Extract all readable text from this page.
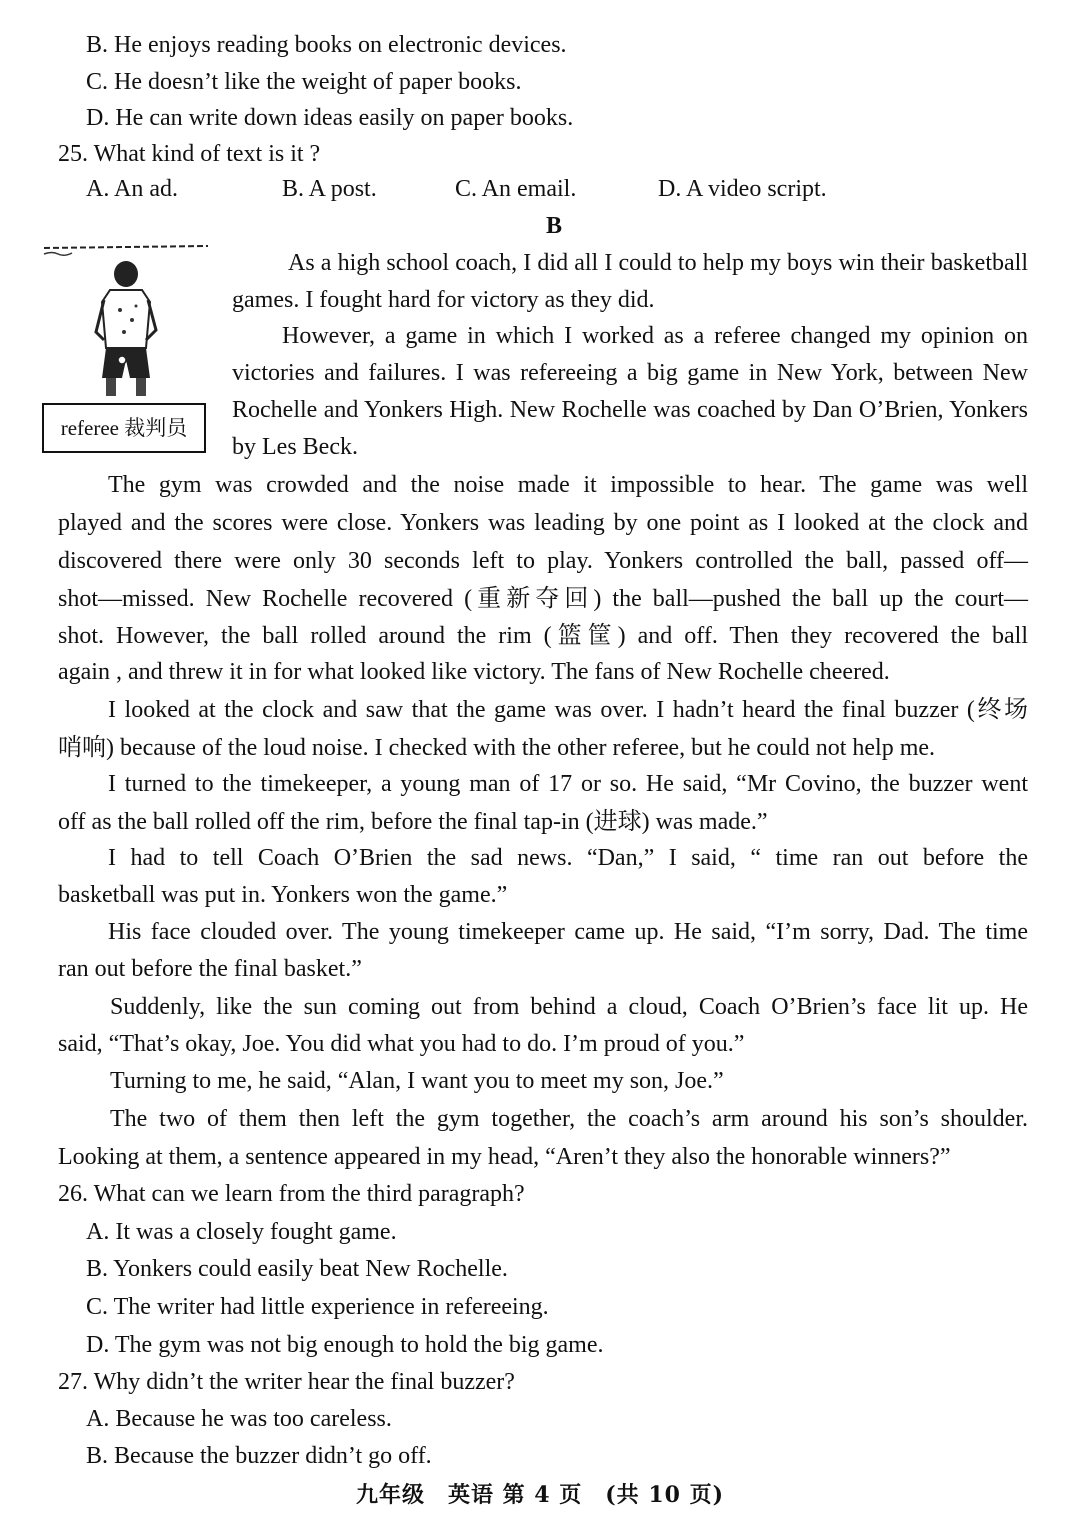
B. He enjoys reading books on electronic devices.
C. He doesn’t like the weight of paper books.
D. He can write down ideas easily on paper books.
25. What kind of text is it ?
A. An ad.	B. A post.	C. An email.	D. A video script.
B
referee 裁判员
As a high school coach, I did all I could to help my boys win their basketball games. I fought hard for victory as they did.
However, a game in which I worked as a referee changed my opinion on victories and failures. I was refereeing a big game in New York, between New Rochelle and Yonkers High. New Rochelle was coached by Dan O’Brien, Yonkers by Les Beck.
The gym was crowded and the noise made it impossible to hear. The game was well
played and the scores were close. Yonkers was leading by one point as I looked at the clock and
discovered there were only 30 seconds left to play. Yonkers controlled the ball, passed off—
shot—missed. New Rochelle recovered (重新夺回) the ball—pushed the ball up the court—
shot. However, the ball rolled around the rim (篮筐) and off. Then they recovered the ball
again , and threw it in for what looked like victory. The fans of New Rochelle cheered.
I looked at the clock and saw that the game was over. I hadn’t heard the final buzzer (终场
哨响) because of the loud noise. I checked with the other referee, but he could not help me.
I turned to the timekeeper, a young man of 17 or so. He said, “Mr Covino, the buzzer went
off as the ball rolled off the rim, before the final tap-in (进球) was made.”
I had to tell Coach O’Brien the sad news. “Dan,” I said, “ time ran out before the
basketball was put in. Yonkers won the game.”
His face clouded over. The young timekeeper came up. He said, “I’m sorry, Dad. The time
ran out before the final basket.”
Suddenly, like the sun coming out from behind a cloud, Coach O’Brien’s face lit up. He
said, “That’s okay, Joe. You did what you had to do. I’m proud of you.”
Turning to me, he said, “Alan, I want you to meet my son, Joe.”
The two of them then left the gym together, the coach’s arm around his son’s shoulder.
Looking at them, a sentence appeared in my head, “Aren’t they also the honorable winners?”
26. What can we learn from the third paragraph?
A. It was a closely fought game.
B. Yonkers could easily beat New Rochelle.
C. The writer had little experience in refereeing.
D. The gym was not big enough to hold the big game.
27. Why didn’t the writer hear the final buzzer?
A. Because he was too careless.
B. Because the buzzer didn’t go off.
九年级　英语 第 4 页　(共 10 页)
